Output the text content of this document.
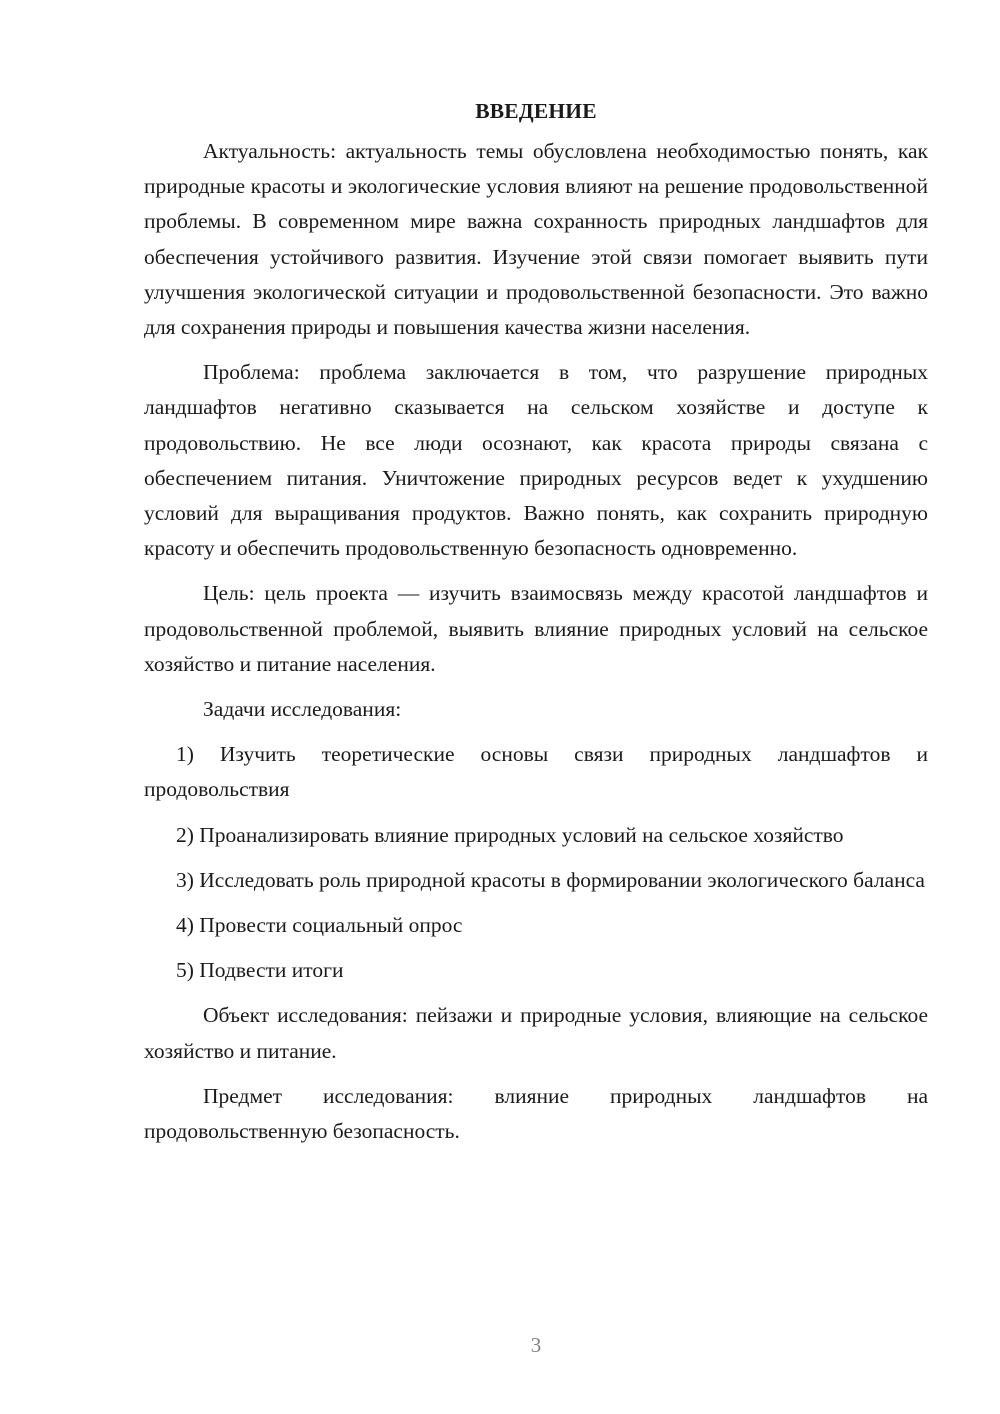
ВВЕДЕНИЕ

Актуальность: актуальность темы обусловлена необходимостью понять, как природные красоты и экологические условия влияют на решение продовольственной проблемы. В современном мире важна сохранность природных ландшафтов для обеспечения устойчивого развития. Изучение этой связи помогает выявить пути улучшения экологической ситуации и продовольственной безопасности. Это важно для сохранения природы и повышения качества жизни населения.

Проблема: проблема заключается в том, что разрушение природных ландшафтов негативно сказывается на сельском хозяйстве и доступе к продовольствию. Не все люди осознают, как красота природы связана с обеспечением питания. Уничтожение природных ресурсов ведет к ухудшению условий для выращивания продуктов. Важно понять, как сохранить природную красоту и обеспечить продовольственную безопасность одновременно.

Цель: цель проекта — изучить взаимосвязь между красотой ландшафтов и продовольственной проблемой, выявить влияние природных условий на сельское хозяйство и питание населения.

Задачи исследования:

1) Изучить теоретические основы связи природных ландшафтов и продовольствия

2) Проанализировать влияние природных условий на сельское хозяйство

3) Исследовать роль природной красоты в формировании экологического баланса

4) Провести социальный опрос

5) Подвести итоги

Объект исследования: пейзажи и природные условия, влияющие на сельское хозяйство и питание.

Предмет исследования: влияние природных ландшафтов на продовольственную безопасность.

3
